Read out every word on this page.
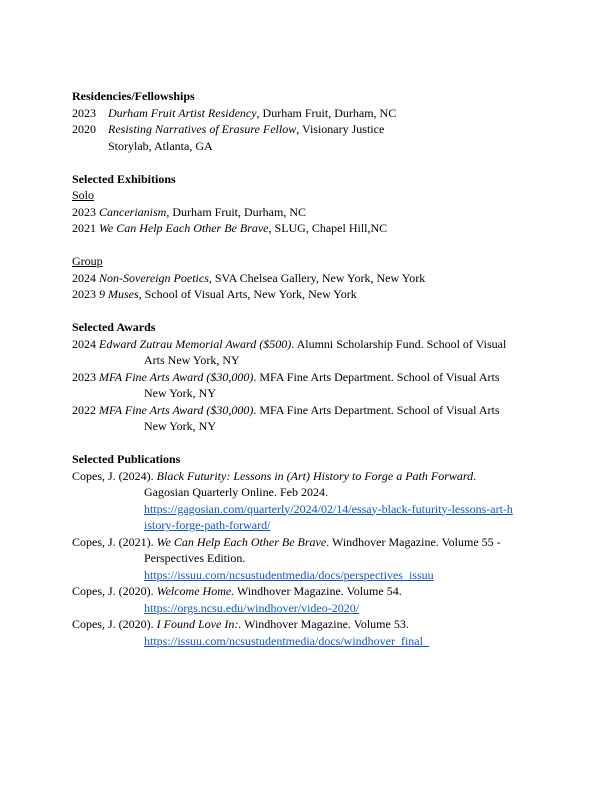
Residencies/Fellowships
2023	Durham Fruit Artist Residency, Durham Fruit, Durham, NC
2020	Resisting Narratives of Erasure Fellow, Visionary Justice
Storylab, Atlanta, GA
Selected Exhibitions
Solo
2023 Cancerianism, Durham Fruit, Durham, NC
2021 We Can Help Each Other Be Brave, SLUG, Chapel Hill,NC
Group
2024 Non-Sovereign Poetics, SVA Chelsea Gallery, New York, New York
2023 9 Muses, School of Visual Arts, New York, New York
Selected Awards
2024 Edward Zutrau Memorial Award ($500). Alumni Scholarship Fund. School of Visual
Arts New York, NY
2023 MFA Fine Arts Award ($30,000). MFA Fine Arts Department. School of Visual Arts
New York, NY
2022 MFA Fine Arts Award ($30,000). MFA Fine Arts Department. School of Visual Arts
New York, NY
Selected Publications
Copes, J. (2024). Black Futurity: Lessons in (Art) History to Forge a Path Forward.
Gagosian Quarterly Online. Feb 2024.
https://gagosian.com/quarterly/2024/02/14/essay-black-futurity-lessons-art-h
istory-forge-path-forward/
Copes, J. (2021). We Can Help Each Other Be Brave. Windhover Magazine. Volume 55 -
Perspectives Edition.
https://issuu.com/ncsustudentmedia/docs/perspectives_issuu
Copes, J. (2020). Welcome Home. Windhover Magazine. Volume 54.
https://orgs.ncsu.edu/windhover/video-2020/
Copes, J. (2020). I Found Love In:. Windhover Magazine. Volume 53.
https://issuu.com/ncsustudentmedia/docs/windhover_final_
